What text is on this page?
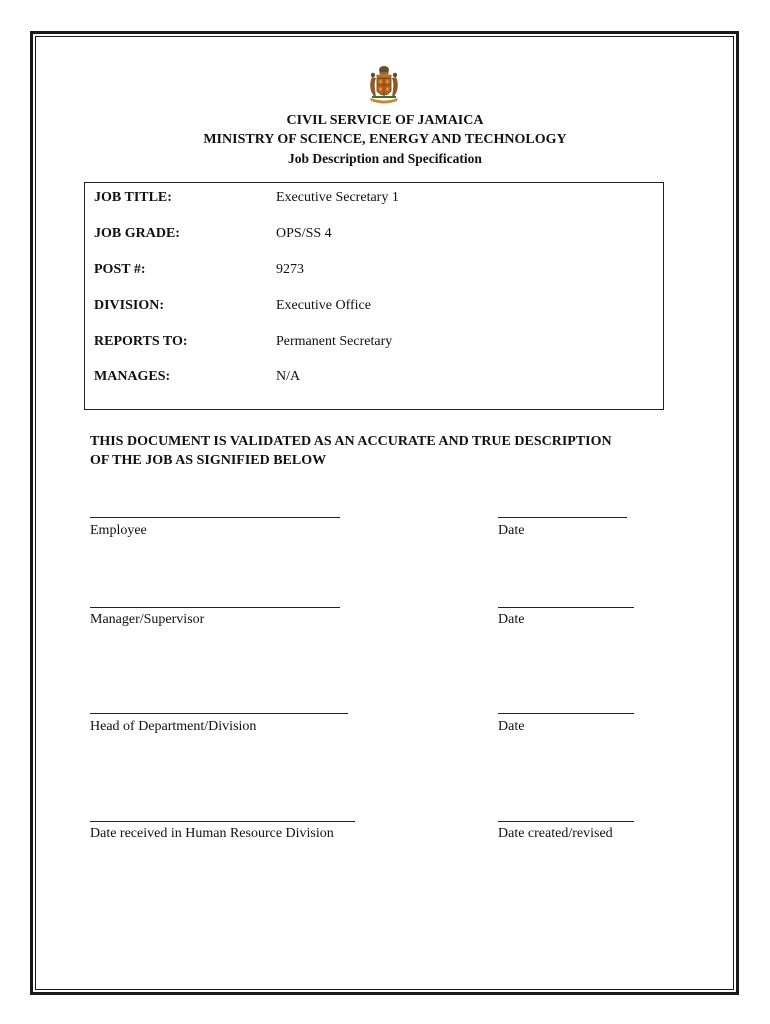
CIVIL SERVICE OF JAMAICA
MINISTRY OF SCIENCE, ENERGY AND TECHNOLOGY
Job Description and Specification
JOB TITLE:	Executive Secretary 1
JOB GRADE:	OPS/SS 4
POST #:	9273
DIVISION:	Executive Office
REPORTS TO:	Permanent Secretary
MANAGES:	N/A
THIS DOCUMENT IS VALIDATED AS AN ACCURATE AND TRUE DESCRIPTION
OF THE JOB AS SIGNIFIED BELOW
Employee	Date
Manager/Supervisor	Date
Head of Department/Division	Date
Date received in Human Resource Division	Date created/revised
